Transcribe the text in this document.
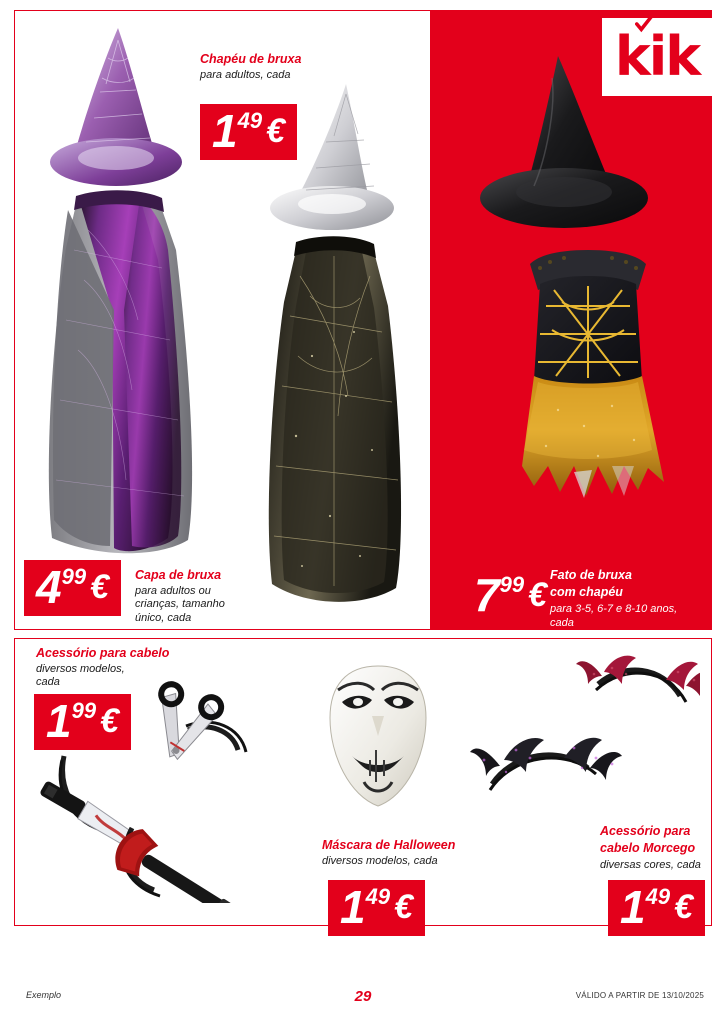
kik
1 49 €
Chapéu de bruxa
para adultos, cada
4 99 € Capa de bruxa
para adultos ou
crianças, tamanho
único, cada	7 99 €
Fato de bruxa
com chapéu
para 3-5, 6-7 e 8-10 anos,
cada
Acessório para cabelo
diversos modelos,
cada
1 99 €
Máscara de Halloween
diversos modelos, cada
1 49 €
Acessório para
cabelo Morcego
diversas cores, cada
1 49 €
Exemplo	29	VÁLIDO A PARTIR DE 13/10/2025
